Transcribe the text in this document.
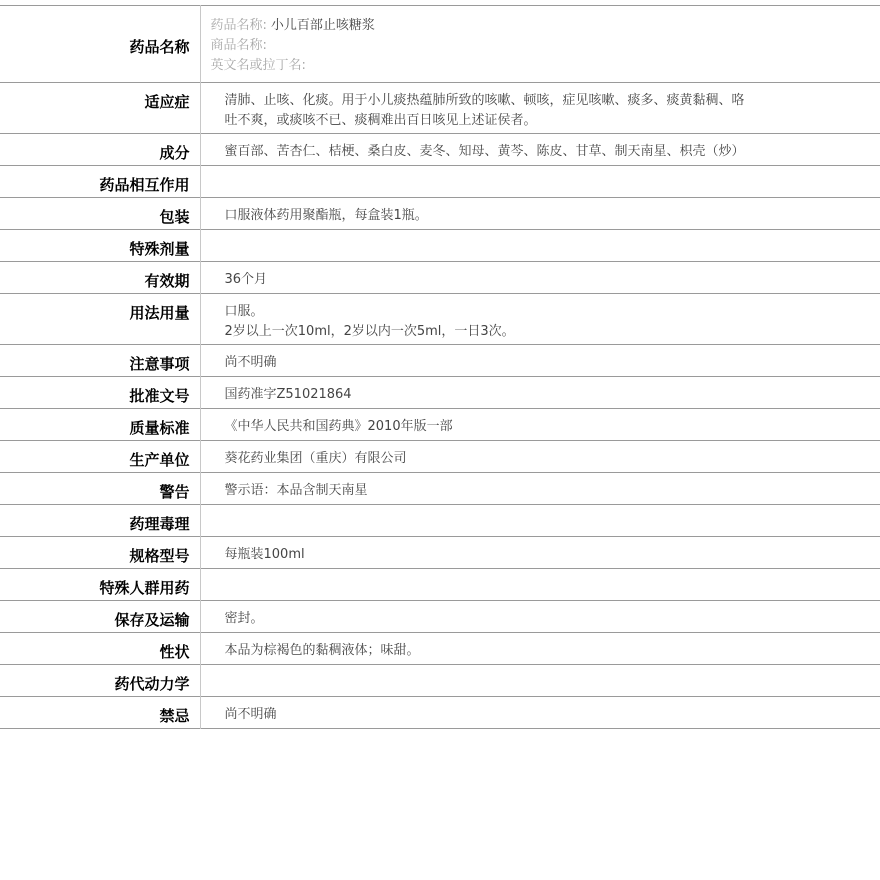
药品名称	药品名称: 小儿百部止咳糖浆
商品名称:
英文名或拉丁名:

适应症	清肺、止咳、化痰。用于小儿痰热蕴肺所致的咳嗽、顿咳，症见咳嗽、痰多、痰黄黏稠、咯
吐不爽，或痰咳不已、痰稠难出百日咳见上述证侯者。

成分	蜜百部、苦杏仁、桔梗、桑白皮、麦冬、知母、黄芩、陈皮、甘草、制天南星、枳壳（炒）
药品相互作用	
包装	口服液体药用聚酯瓶，每盒装1瓶。
特殊剂量	
有效期	36个月
用法用量	口服。
2岁以上一次10ml，2岁以内一次5ml，一日3次。

注意事项	尚不明确
批准文号	国药准字Z51021864
质量标准	《中华人民共和国药典》2010年版一部
生产单位	葵花药业集团（重庆）有限公司
警告	警示语：本品含制天南星
药理毒理	
规格型号	每瓶装100ml
特殊人群用药	
保存及运输	密封。
性状	本品为棕褐色的黏稠液体；味甜。
药代动力学	
禁忌	尚不明确
